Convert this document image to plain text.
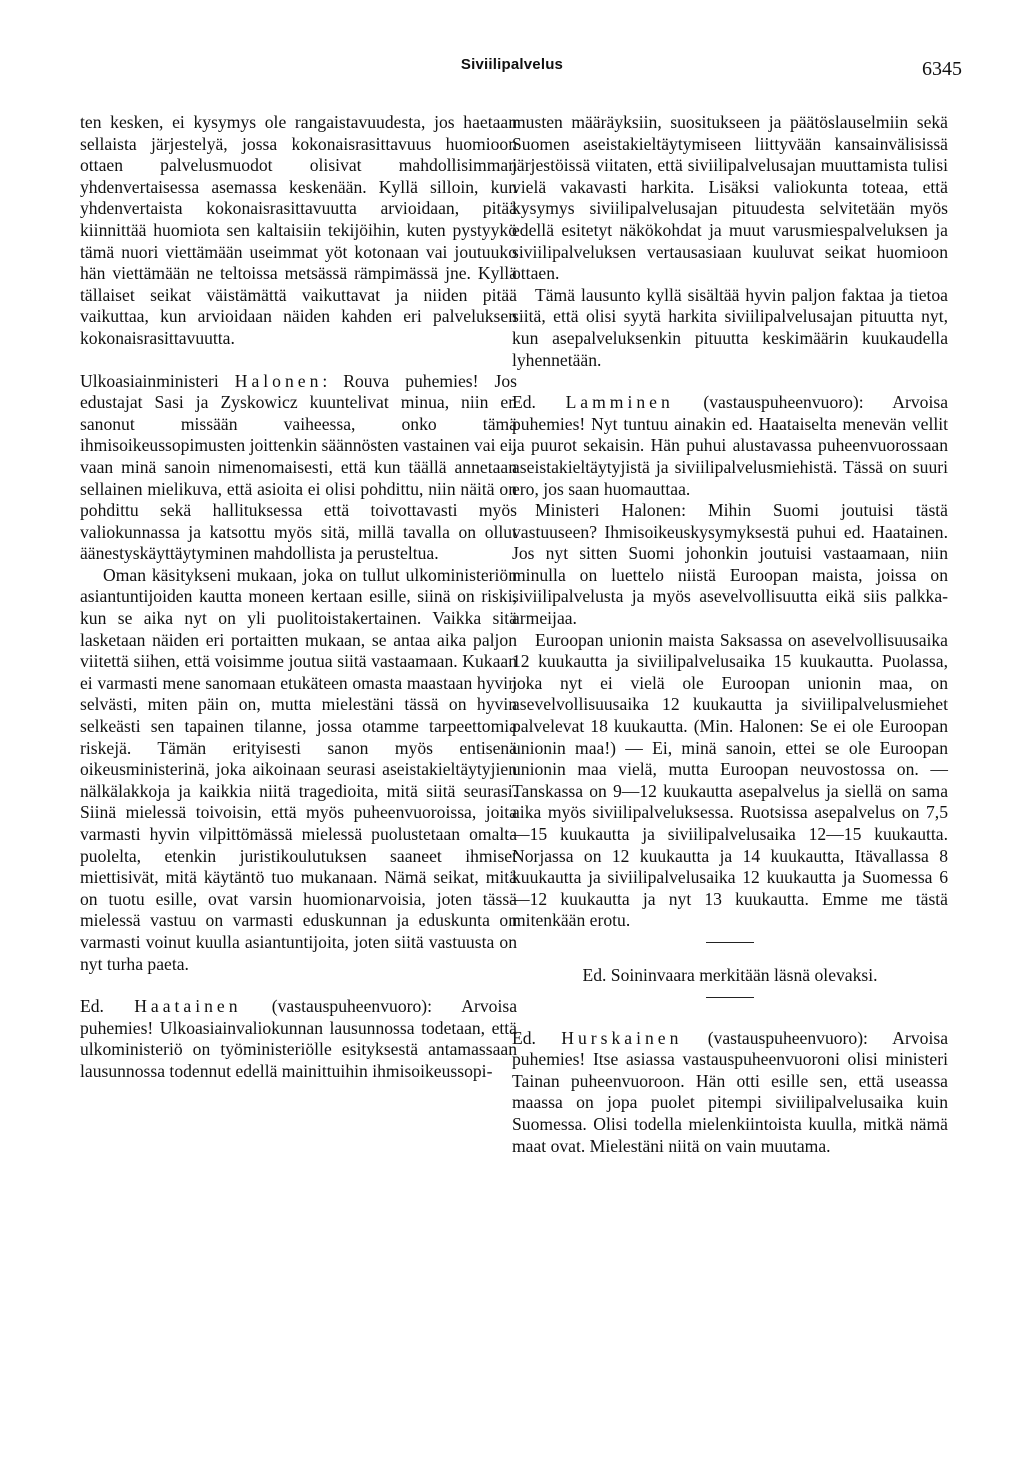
Siviilipalvelus	6345

ten kesken, ei kysymys ole rangaistavuudesta, jos haetaan sellaista järjestelyä, jossa kokonaisrasittavuus huomioon ottaen palvelusmuodot olisivat mahdollisimman yhdenvertaisessa asemassa keskenään. Kyllä silloin, kun yhdenvertaista kokonaisrasittavuutta arvioidaan, pitää kiinnittää huomiota sen kaltaisiin tekijöihin, kuten pystyykö tämä nuori viettämään useimmat yöt kotonaan vai joutuuko hän viettämään ne teltoissa metsässä rämpimässä jne. Kyllä tällaiset seikat väistämättä vaikuttavat ja niiden pitää vaikuttaa, kun arvioidaan näiden kahden eri palveluksen kokonaisrasittavuutta.

Ulkoasiainministeri Halonen: Rouva puhemies! Jos edustajat Sasi ja Zyskowicz kuuntelivat minua, niin en sanonut missään vaiheessa, onko tämä ihmisoikeussopimusten joittenkin säännösten vastainen vai ei, vaan minä sanoin nimenomaisesti, että kun täällä annetaan sellainen mielikuva, että asioita ei olisi pohdittu, niin näitä on pohdittu sekä hallituksessa että toivottavasti myös valiokunnassa ja katsottu myös sitä, millä tavalla on ollut äänestyskäyttäytyminen mahdollista ja perusteltua.

Oman käsitykseni mukaan, joka on tullut ulkoministeriön asiantuntijoiden kautta moneen kertaan esille, siinä on riski, kun se aika nyt on yli puolitoistakertainen. Vaikka sitä lasketaan näiden eri portaitten mukaan, se antaa aika paljon viitettä siihen, että voisimme joutua siitä vastaamaan. Kukaan ei varmasti mene sanomaan etukäteen omasta maastaan hyvin selvästi, miten päin on, mutta mielestäni tässä on hyvin selkeästi sen tapainen tilanne, jossa otamme tarpeettomia riskejä. Tämän erityisesti sanon myös entisenä oikeusministerinä, joka aikoinaan seurasi aseistakieltäytyjien nälkälakkoja ja kaikkia niitä tragedioita, mitä siitä seurasi. Siinä mielessä toivoisin, että myös puheenvuoroissa, joita varmasti hyvin vilpittömässä mielessä puolustetaan omalta puolelta, etenkin juristikoulutuksen saaneet ihmiset miettisivät, mitä käytäntö tuo mukanaan. Nämä seikat, mitä on tuotu esille, ovat varsin huomionarvoisia, joten tässä mielessä vastuu on varmasti eduskunnan ja eduskunta on varmasti voinut kuulla asiantuntijoita, joten siitä vastuusta on nyt turha paeta.

Ed. Haatainen (vastauspuheenvuoro): Arvoisa puhemies! Ulkoasiainvaliokunnan lausunnossa todetaan, että ulkoministeriö on työministeriölle esityksestä antamassaan lausunnossa todennut edellä mainittuihin ihmisoikeussopi-

musten määräyksiin, suositukseen ja päätöslauselmiin sekä Suomen aseistakieltäytymiseen liittyvään kansainvälisissä järjestöissä viitaten, että siviilipalvelusajan muuttamista tulisi vielä vakavasti harkita. Lisäksi valiokunta toteaa, että kysymys siviilipalvelusajan pituudesta selvitetään myös edellä esitetyt näkökohdat ja muut varusmiespalveluksen ja siviilipalveluksen vertausasiaan kuuluvat seikat huomioon ottaen.

Tämä lausunto kyllä sisältää hyvin paljon faktaa ja tietoa siitä, että olisi syytä harkita siviilipalvelusajan pituutta nyt, kun asepalveluksenkin pituutta keskimäärin kuukaudella lyhennetään.

Ed. Lamminen (vastauspuheenvuoro): Arvoisa puhemies! Nyt tuntuu ainakin ed. Haataiselta menevän vellit ja puurot sekaisin. Hän puhui alustavassa puheenvuorossaan aseistakieltäytyjistä ja siviilipalvelusmiehistä. Tässä on suuri ero, jos saan huomauttaa.

Ministeri Halonen: Mihin Suomi joutuisi tästä vastuuseen? Ihmisoikeuskysymyksestä puhui ed. Haatainen. Jos nyt sitten Suomi johonkin joutuisi vastaamaan, niin minulla on luettelo niistä Euroopan maista, joissa on siviilipalvelusta ja myös asevelvollisuutta eikä siis palkka-armeijaa.

Euroopan unionin maista Saksassa on asevelvollisuusaika 12 kuukautta ja siviilipalvelusaika 15 kuukautta. Puolassa, joka nyt ei vielä ole Euroopan unionin maa, on asevelvollisuusaika 12 kuukautta ja siviilipalvelusmiehet palvelevat 18 kuukautta. (Min. Halonen: Se ei ole Euroopan unionin maa!) — Ei, minä sanoin, ettei se ole Euroopan unionin maa vielä, mutta Euroopan neuvostossa on. — Tanskassa on 9—12 kuukautta asepalvelus ja siellä on sama aika myös siviilipalveluksessa. Ruotsissa asepalvelus on 7,5—15 kuukautta ja siviilipalvelusaika 12—15 kuukautta. Norjassa on 12 kuukautta ja 14 kuukautta, Itävallassa 8 kuukautta ja siviilipalvelusaika 12 kuukautta ja Suomessa 6—12 kuukautta ja nyt 13 kuukautta. Emme me tästä mitenkään erotu.

Ed. Soininvaara merkitään läsnä olevaksi.

Ed. Hurskainen (vastauspuheenvuoro): Arvoisa puhemies! Itse asiassa vastauspuheenvuoroni olisi ministeri Tainan puheenvuoroon. Hän otti esille sen, että useassa maassa on jopa puolet pitempi siviilipalvelusaika kuin Suomessa. Olisi todella mielenkiintoista kuulla, mitkä nämä maat ovat. Mielestäni niitä on vain muutama.
